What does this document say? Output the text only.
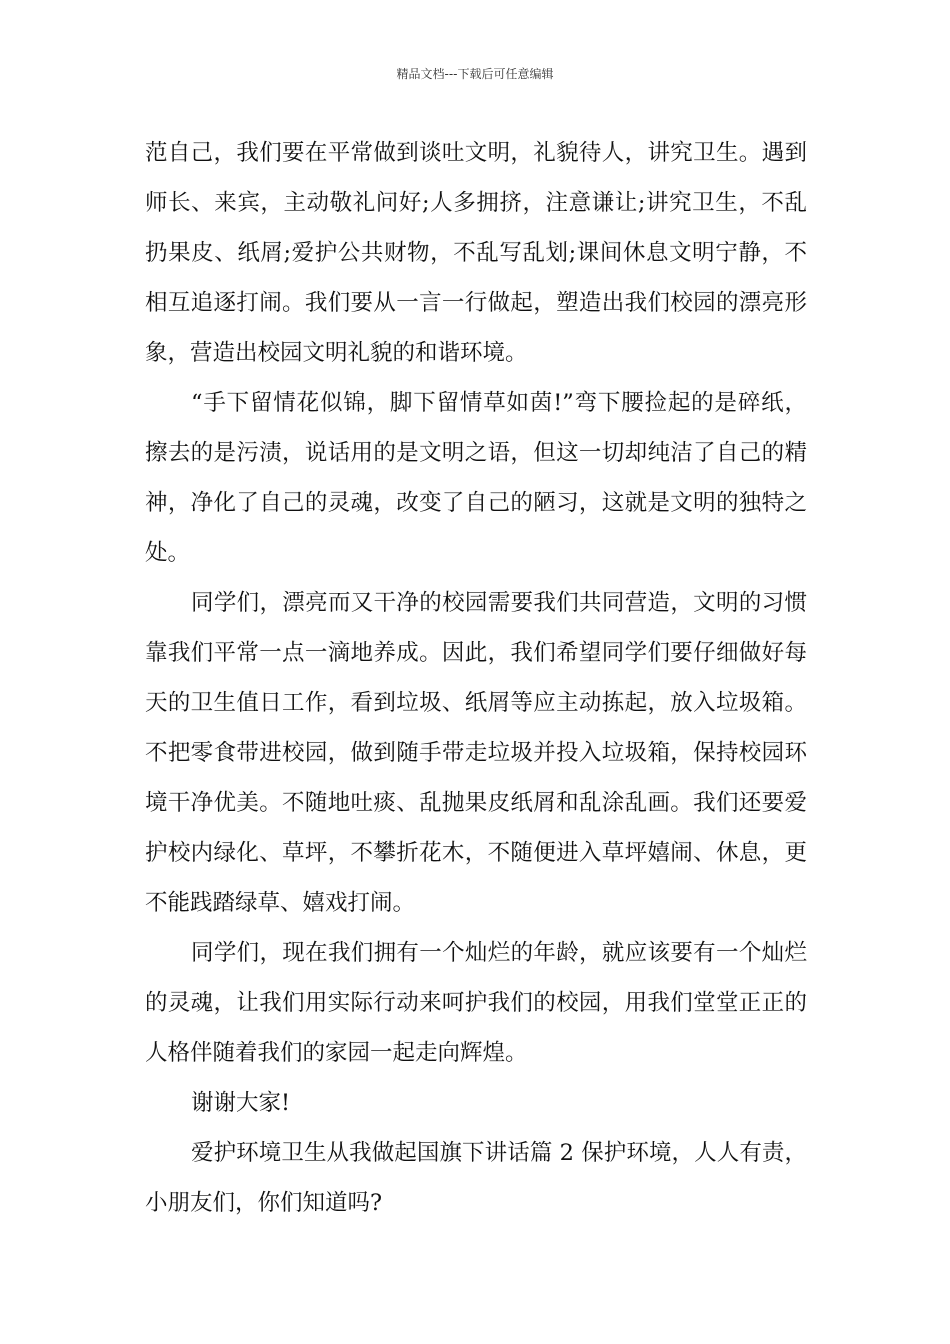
精品文档---下载后可任意编辑

范自己，我们要在平常做到谈吐文明，礼貌待人，讲究卫生。遇到师长、来宾，主动敬礼问好;人多拥挤，注意谦让;讲究卫生，不乱扔果皮、纸屑;爱护公共财物，不乱写乱划;课间休息文明宁静，不相互追逐打闹。我们要从一言一行做起，塑造出我们校园的漂亮形象，营造出校园文明礼貌的和谐环境。

“手下留情花似锦，脚下留情草如茵!”弯下腰捡起的是碎纸，擦去的是污渍，说话用的是文明之语，但这一切却纯洁了自己的精神，净化了自己的灵魂，改变了自己的陋习，这就是文明的独特之处。

同学们，漂亮而又干净的校园需要我们共同营造，文明的习惯靠我们平常一点一滴地养成。因此，我们希望同学们要仔细做好每天的卫生值日工作，看到垃圾、纸屑等应主动拣起，放入垃圾箱。不把零食带进校园，做到随手带走垃圾并投入垃圾箱，保持校园环境干净优美。不随地吐痰、乱抛果皮纸屑和乱涂乱画。我们还要爱护校内绿化、草坪，不攀折花木，不随便进入草坪嬉闹、休息，更不能践踏绿草、嬉戏打闹。

同学们，现在我们拥有一个灿烂的年龄，就应该要有一个灿烂的灵魂，让我们用实际行动来呵护我们的校园，用我们堂堂正正的人格伴随着我们的家园一起走向辉煌。

谢谢大家!

爱护环境卫生从我做起国旗下讲话篇 2 保护环境，人人有责，小朋友们，你们知道吗?
